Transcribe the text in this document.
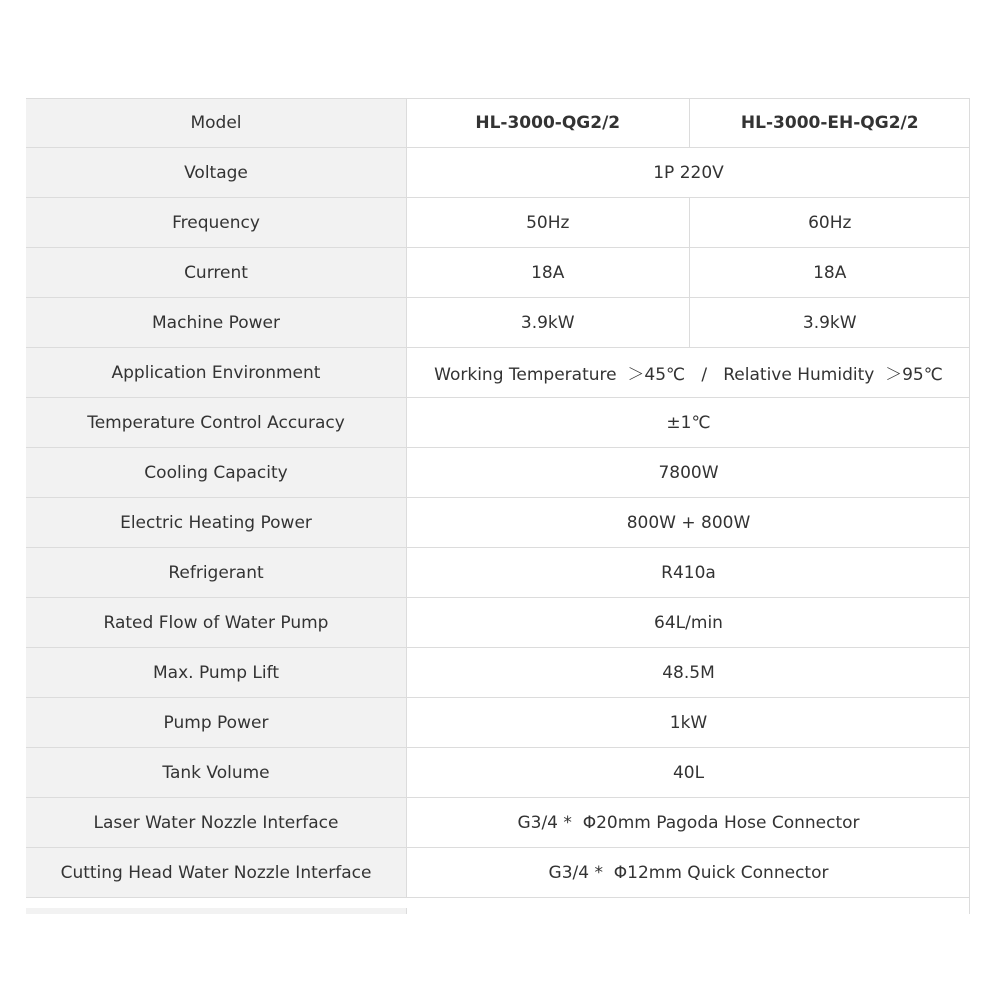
Model	HL-3000-QG2/2	HL-3000-EH-QG2/2
Voltage	1P 220V
Frequency	50Hz	60Hz
Current	18A	18A
Machine Power	3.9kW	3.9kW
Application Environment	Working Temperature  ＞45℃   /   Relative Humidity  ＞95℃
Temperature Control Accuracy	±1℃
Cooling Capacity	7800W
Electric Heating Power	800W + 800W
Refrigerant	R410a
Rated Flow of Water Pump	64L/min
Max. Pump Lift	48.5M
Pump Power	1kW
Tank Volume	40L
Laser Water Nozzle Interface	G3/4 *  Φ20mm Pagoda Hose Connector
Cutting Head Water Nozzle Interface	G3/4 *  Φ12mm Quick Connector
